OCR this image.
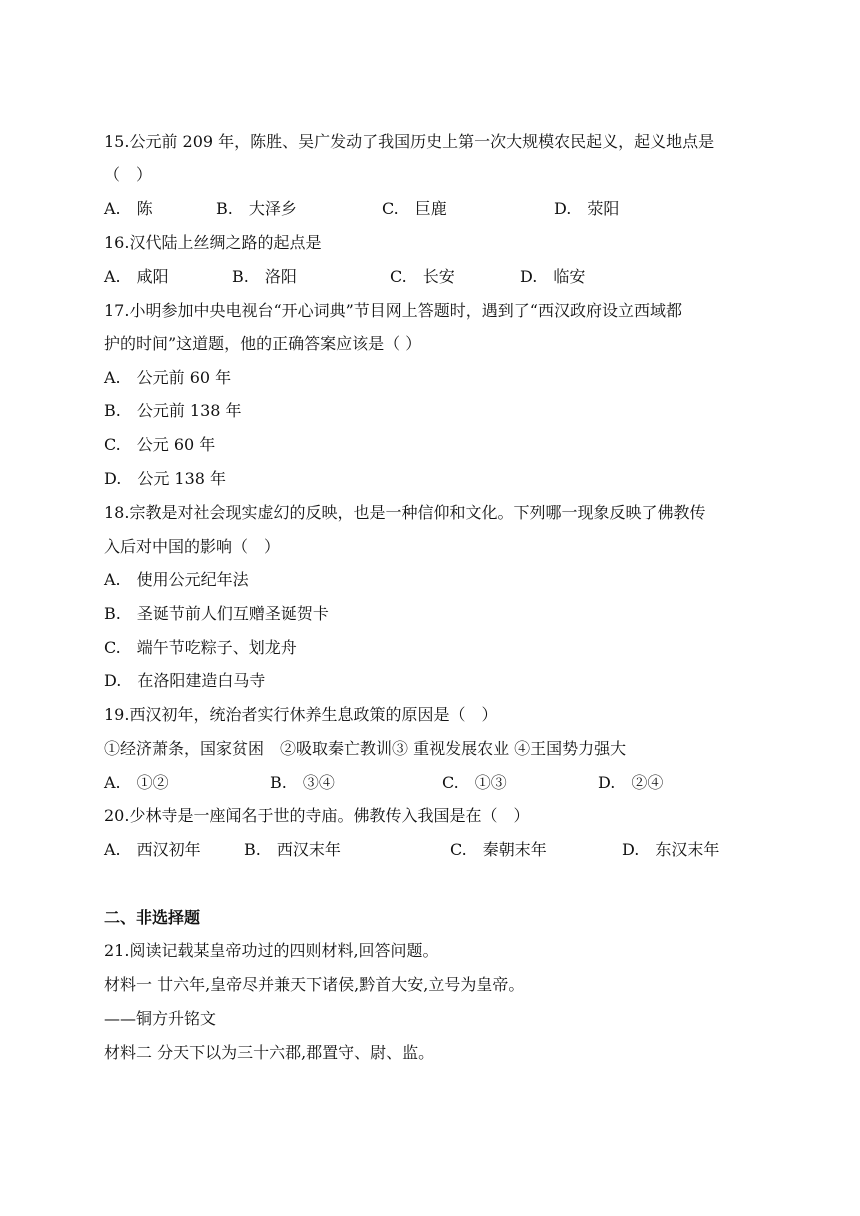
15.公元前 209 年，陈胜、吴广发动了我国历史上第一次大规模农民起义，起义地点是
（　）
A.　陈	B.　大泽乡	C.　巨鹿	D.　荥阳
16.汉代陆上丝绸之路的起点是
A.　咸阳	B.　洛阳	C.　长安	D.　临安
17.小明参加中央电视台“开心词典”节目网上答题时，遇到了“西汉政府设立西域都
护的时间”这道题，他的正确答案应该是（ ）
A.　公元前 60 年
B.　公元前 138 年
C.　公元 60 年
D.　公元 138 年
18.宗教是对社会现实虚幻的反映，也是一种信仰和文化。下列哪一现象反映了佛教传
入后对中国的影响（　）
A.　使用公元纪年法
B.　圣诞节前人们互赠圣诞贺卡
C.　端午节吃粽子、划龙舟
D.　在洛阳建造白马寺
19.西汉初年，统治者实行休养生息政策的原因是（　）
①经济萧条，国家贫困　②吸取秦亡教训③ 重视发展农业 ④王国势力强大
A.　①②	B.　③④	C.　①③	D.　②④
20.少林寺是一座闻名于世的寺庙。佛教传入我国是在（　）
A.　西汉初年	B.　西汉末年	C.　秦朝末年	D.　东汉末年
二、非选择题
21.阅读记载某皇帝功过的四则材料,回答问题。
材料一 廿六年,皇帝尽并兼天下诸侯,黔首大安,立号为皇帝。
——铜方升铭文
材料二 分天下以为三十六郡,郡置守、尉、监。
